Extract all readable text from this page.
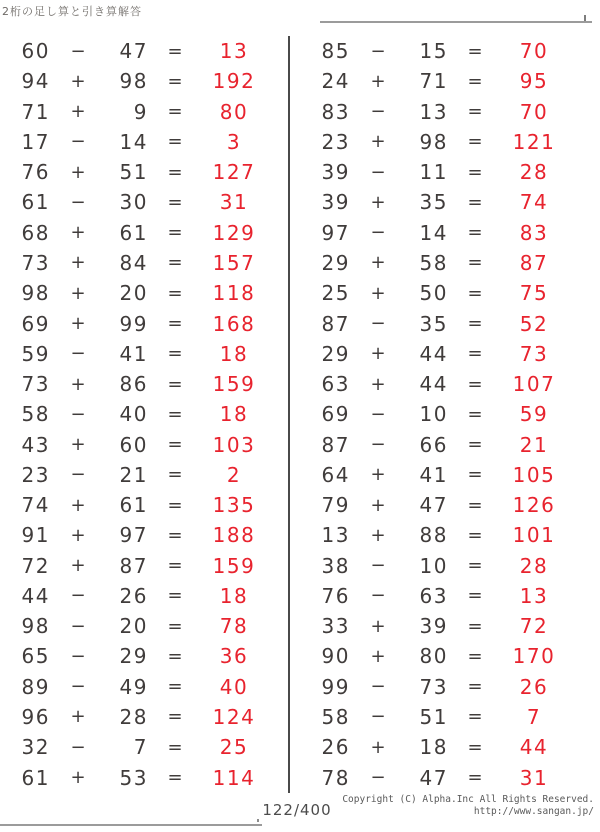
2桁の足し算と引き算解答
60	−	47	=	13
94	+	98	=	192
71	+	9	=	80
17	−	14	=	3
76	+	51	=	127
61	−	30	=	31
68	+	61	=	129
73	+	84	=	157
98	+	20	=	118
69	+	99	=	168
59	−	41	=	18
73	+	86	=	159
58	−	40	=	18
43	+	60	=	103
23	−	21	=	2
74	+	61	=	135
91	+	97	=	188
72	+	87	=	159
44	−	26	=	18
98	−	20	=	78
65	−	29	=	36
89	−	49	=	40
96	+	28	=	124
32	−	7	=	25
61	+	53	=	114
85	−	15	=	70
24	+	71	=	95
83	−	13	=	70
23	+	98	=	121
39	−	11	=	28
39	+	35	=	74
97	−	14	=	83
29	+	58	=	87
25	+	50	=	75
87	−	35	=	52
29	+	44	=	73
63	+	44	=	107
69	−	10	=	59
87	−	66	=	21
64	+	41	=	105
79	+	47	=	126
13	+	88	=	101
38	−	10	=	28
76	−	63	=	13
33	+	39	=	72
90	+	80	=	170
99	−	73	=	26
58	−	51	=	7
26	+	18	=	44
78	−	47	=	31
122/400
Copyright (C) Alpha.Inc All Rights Reserved.
http://www.sangan.jp/
